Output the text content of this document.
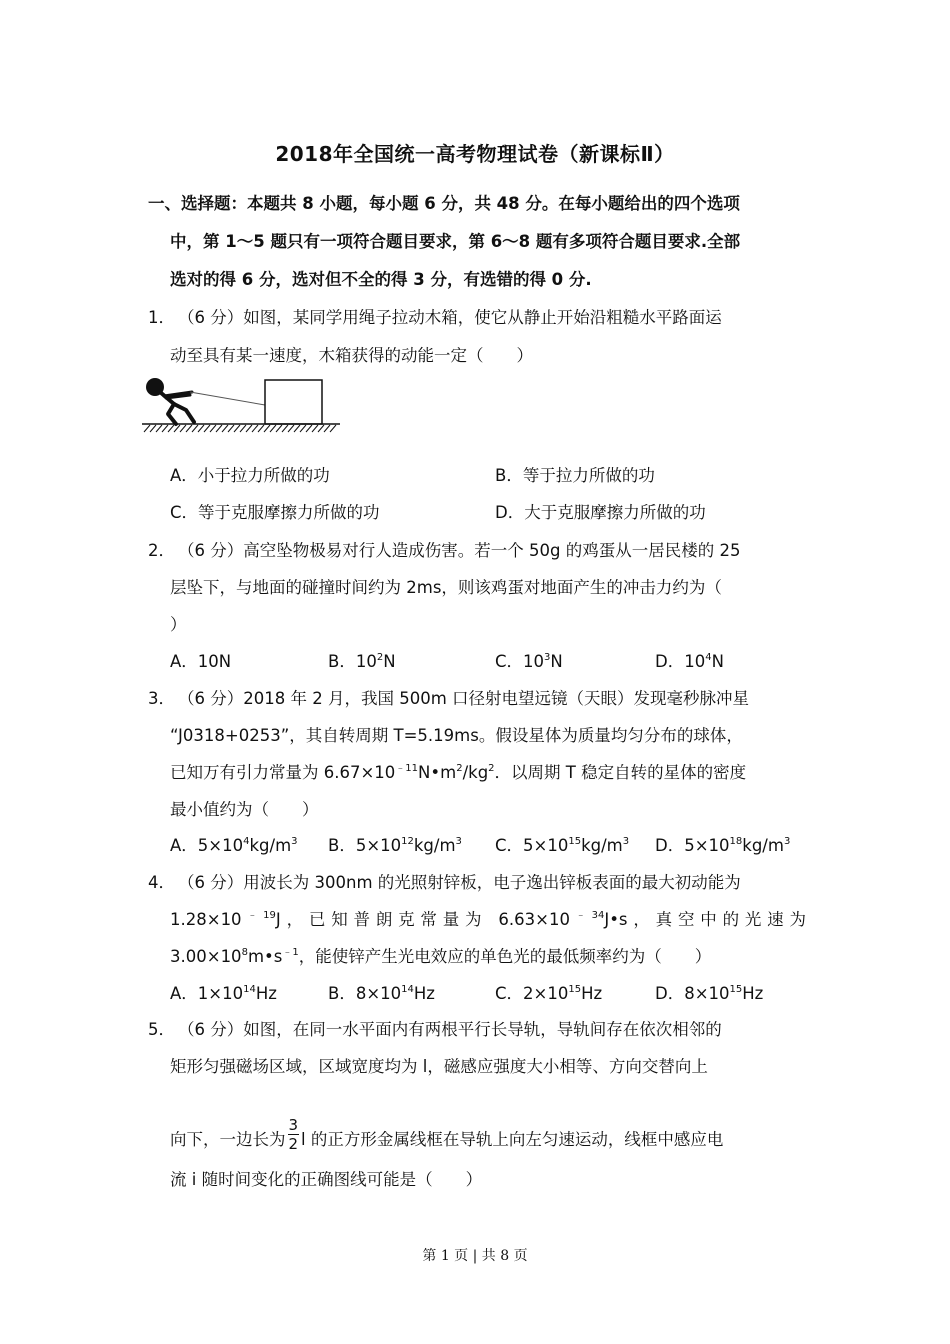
2018年全国统一高考物理试卷（新课标Ⅱ）
一、选择题：本题共 8 小题，每小题 6 分，共 48 分。在每小题给出的四个选项
中，第 1～5 题只有一项符合题目要求，第 6～8 题有多项符合题目要求.全部
选对的得 6 分，选对但不全的得 3 分，有选错的得 0 分.
1． （6 分）如图，某同学用绳子拉动木箱，使它从静止开始沿粗糙水平路面运
动至具有某一速度，木箱获得的动能一定（　　）
A．小于拉力所做的功	B．等于拉力所做的功
C．等于克服摩擦力所做的功	D．大于克服摩擦力所做的功
2． （6 分）高空坠物极易对行人造成伤害。若一个 50g 的鸡蛋从一居民楼的 25
层坠下，与地面的碰撞时间约为 2ms，则该鸡蛋对地面产生的冲击力约为（
）
A．10N	B．$10^2N$	C．$10^3N$	D．$10^4N$
3． （6 分）2018 年 2 月，我国 500m 口径射电望远镜（天眼）发现毫秒脉冲星
“J0318+0253”，其自转周期 T=5.19ms。假设星体为质量均匀分布的球体，
已知万有引力常量为 $6.67\times 10^{﹣11}N•m^2/kg^2$．以周期 T 稳定自转的星体的密度
最小值约为（　　）
A．$5\times 10^4kg/m^3$ B．$5\times 10^{12}kg/m^3$ C．$5\times 10^{15}kg/m^3$ D．$5\times 10^{18}kg/m^3$
4． （6 分）用波长为 300nm 的光照射锌板，电子逸出锌板表面的最大初动能为
$1.28\times 10^{﹣19}J$，已知普朗克常量为 $6.63\times 10^{﹣34}J•s$，真空中的光速为
$3.00\times 10^8m•s^{﹣1}$，能使锌产生光电效应的单色光的最低频率约为（　　）
A．$1\times 10^{14}Hz$	B．$8\times 10^{14}Hz$	C．$2\times 10^{15}Hz$	D．$8\times 10^{15}Hz$
5． （6 分）如图，在同一水平面内有两根平行长导轨，导轨间存在依次相邻的
矩形匀强磁场区域，区域宽度均为 l，磁感应强度大小相等、方向交替向上
向下，一边长为 $\frac{3}{2}$ l 的正方形金属线框在导轨上向左匀速运动，线框中感应电
流 i 随时间变化的正确图线可能是（　　）
第 1 页 | 共 8 页
